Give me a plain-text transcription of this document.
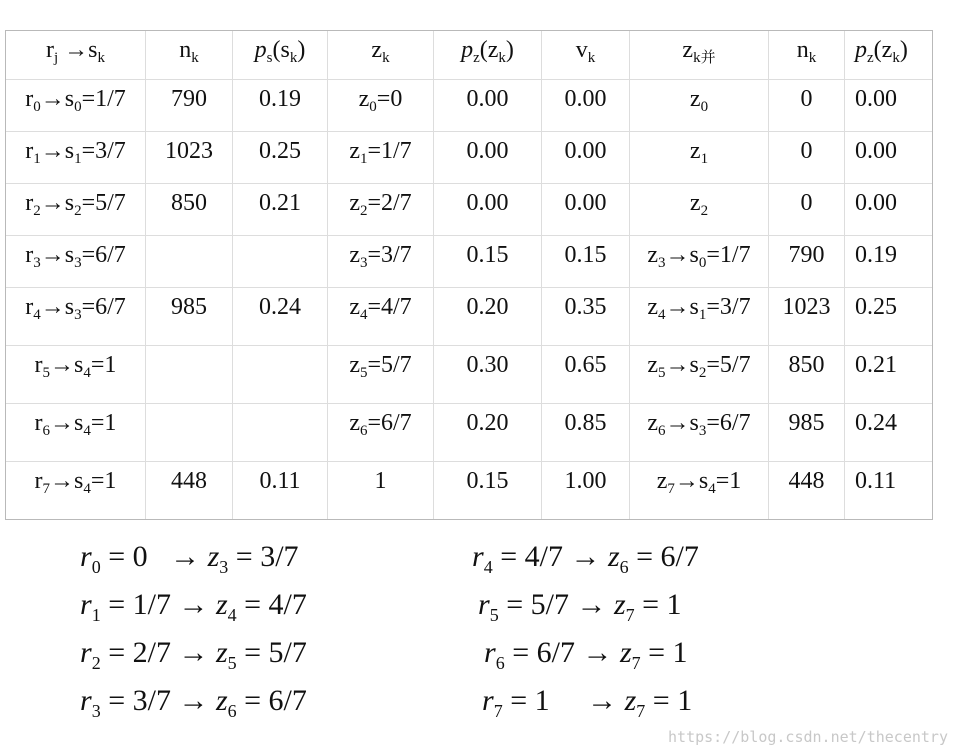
$r_j \to s_k$	$n_k$	$p_s(s_k)$	$z_k$	$p_z(z_k)$	$v_k$	$z_{k并}$	$n_k$	$p_z(z_k)$
$r_0\to s_0=1/7$	790	0.19	$z_0=0$	0.00	0.00	$z_0$	0	0.00
$r_1\to s_1=3/7$	1023	0.25	$z_1=1/7$	0.00	0.00	$z_1$	0	0.00
$r_2\to s_2=5/7$	850	0.21	$z_2=2/7$	0.00	0.00	$z_2$	0	0.00
$r_3\to s_3=6/7$			$z_3=3/7$	0.15	0.15	$z_3\to s_0=1/7$	790	0.19
$r_4\to s_3=6/7$	985	0.24	$z_4=4/7$	0.20	0.35	$z_4\to s_1=3/7$	1023	0.25
$r_5\to s_4=1$			$z_5=5/7$	0.30	0.65	$z_5\to s_2=5/7$	850	0.21
$r_6\to s_4=1$			$z_6=6/7$	0.20	0.85	$z_6\to s_3=6/7$	985	0.24
$r_7\to s_4=1$	448	0.11	1	0.15	1.00	$z_7\to s_4=1$	448	0.11
$r_0 = 0 \to z_3 = 3/7$
$r_1 = 1/7 \to z_4 = 4/7$
$r_2 = 2/7 \to z_5 = 5/7$
$r_3 = 3/7 \to z_6 = 6/7$
$r_4 = 4/7 \to z_6 = 6/7$
$r_5 = 5/7 \to z_7 = 1$
$r_6 = 6/7 \to z_7 = 1$
$r_7 = 1$     → $z_7 = 1$
https://blog.csdn.net/thecentry
